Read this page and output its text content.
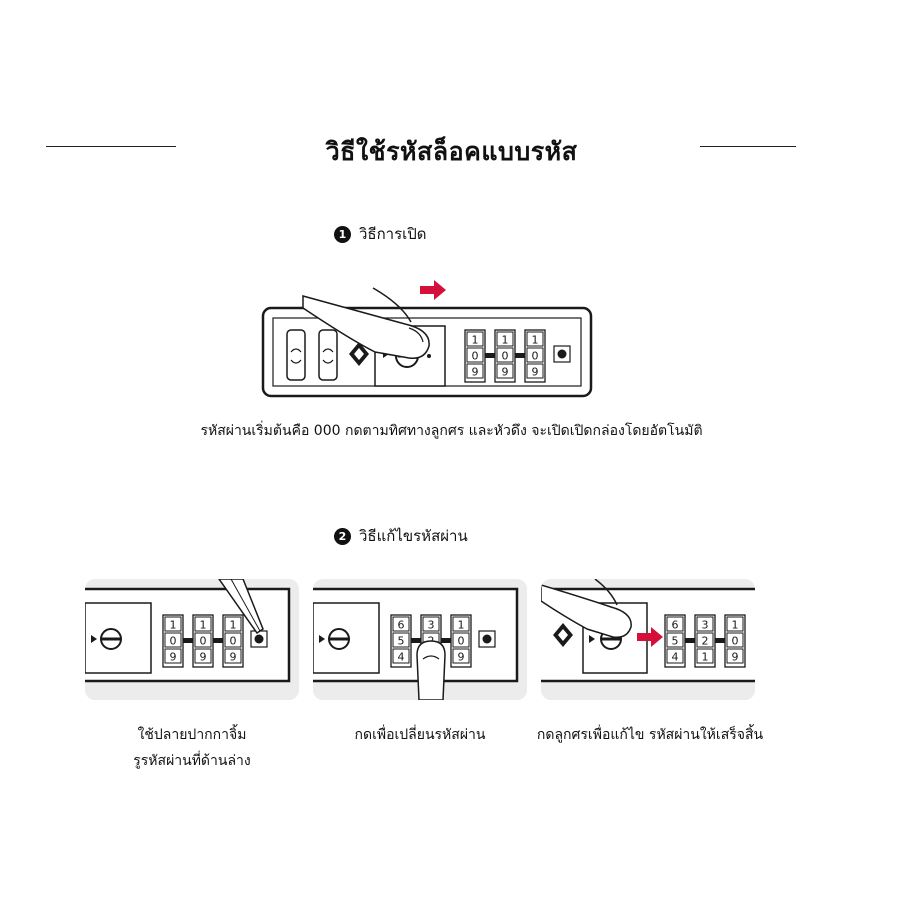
วิธีใช้รหัสล็อคแบบรหัส
1 วิธีการเปิด
1
0
9
1
0
9
1
0
9
รหัสผ่านเริ่มต้นคือ 000 กดตามทิศทางลูกศร และหัวดึง จะเปิดเปิดกล่องโดยอัตโนมัติ
2 วิธีแก้ไขรหัสผ่าน
1
0
9
1
0
9
1
0
9
6
5
4
3 1
0
9
6
5
4
3
2
1
1
0
9
ใช้ปลายปากกาจิ้ม
รูรหัสผ่านที่ด้านล่าง
กดเพื่อเปลี่ยนรหัสผ่าน	กดลูกศรเพื่อแก้ไข รหัสผ่านให้เสร็จสิ้น
